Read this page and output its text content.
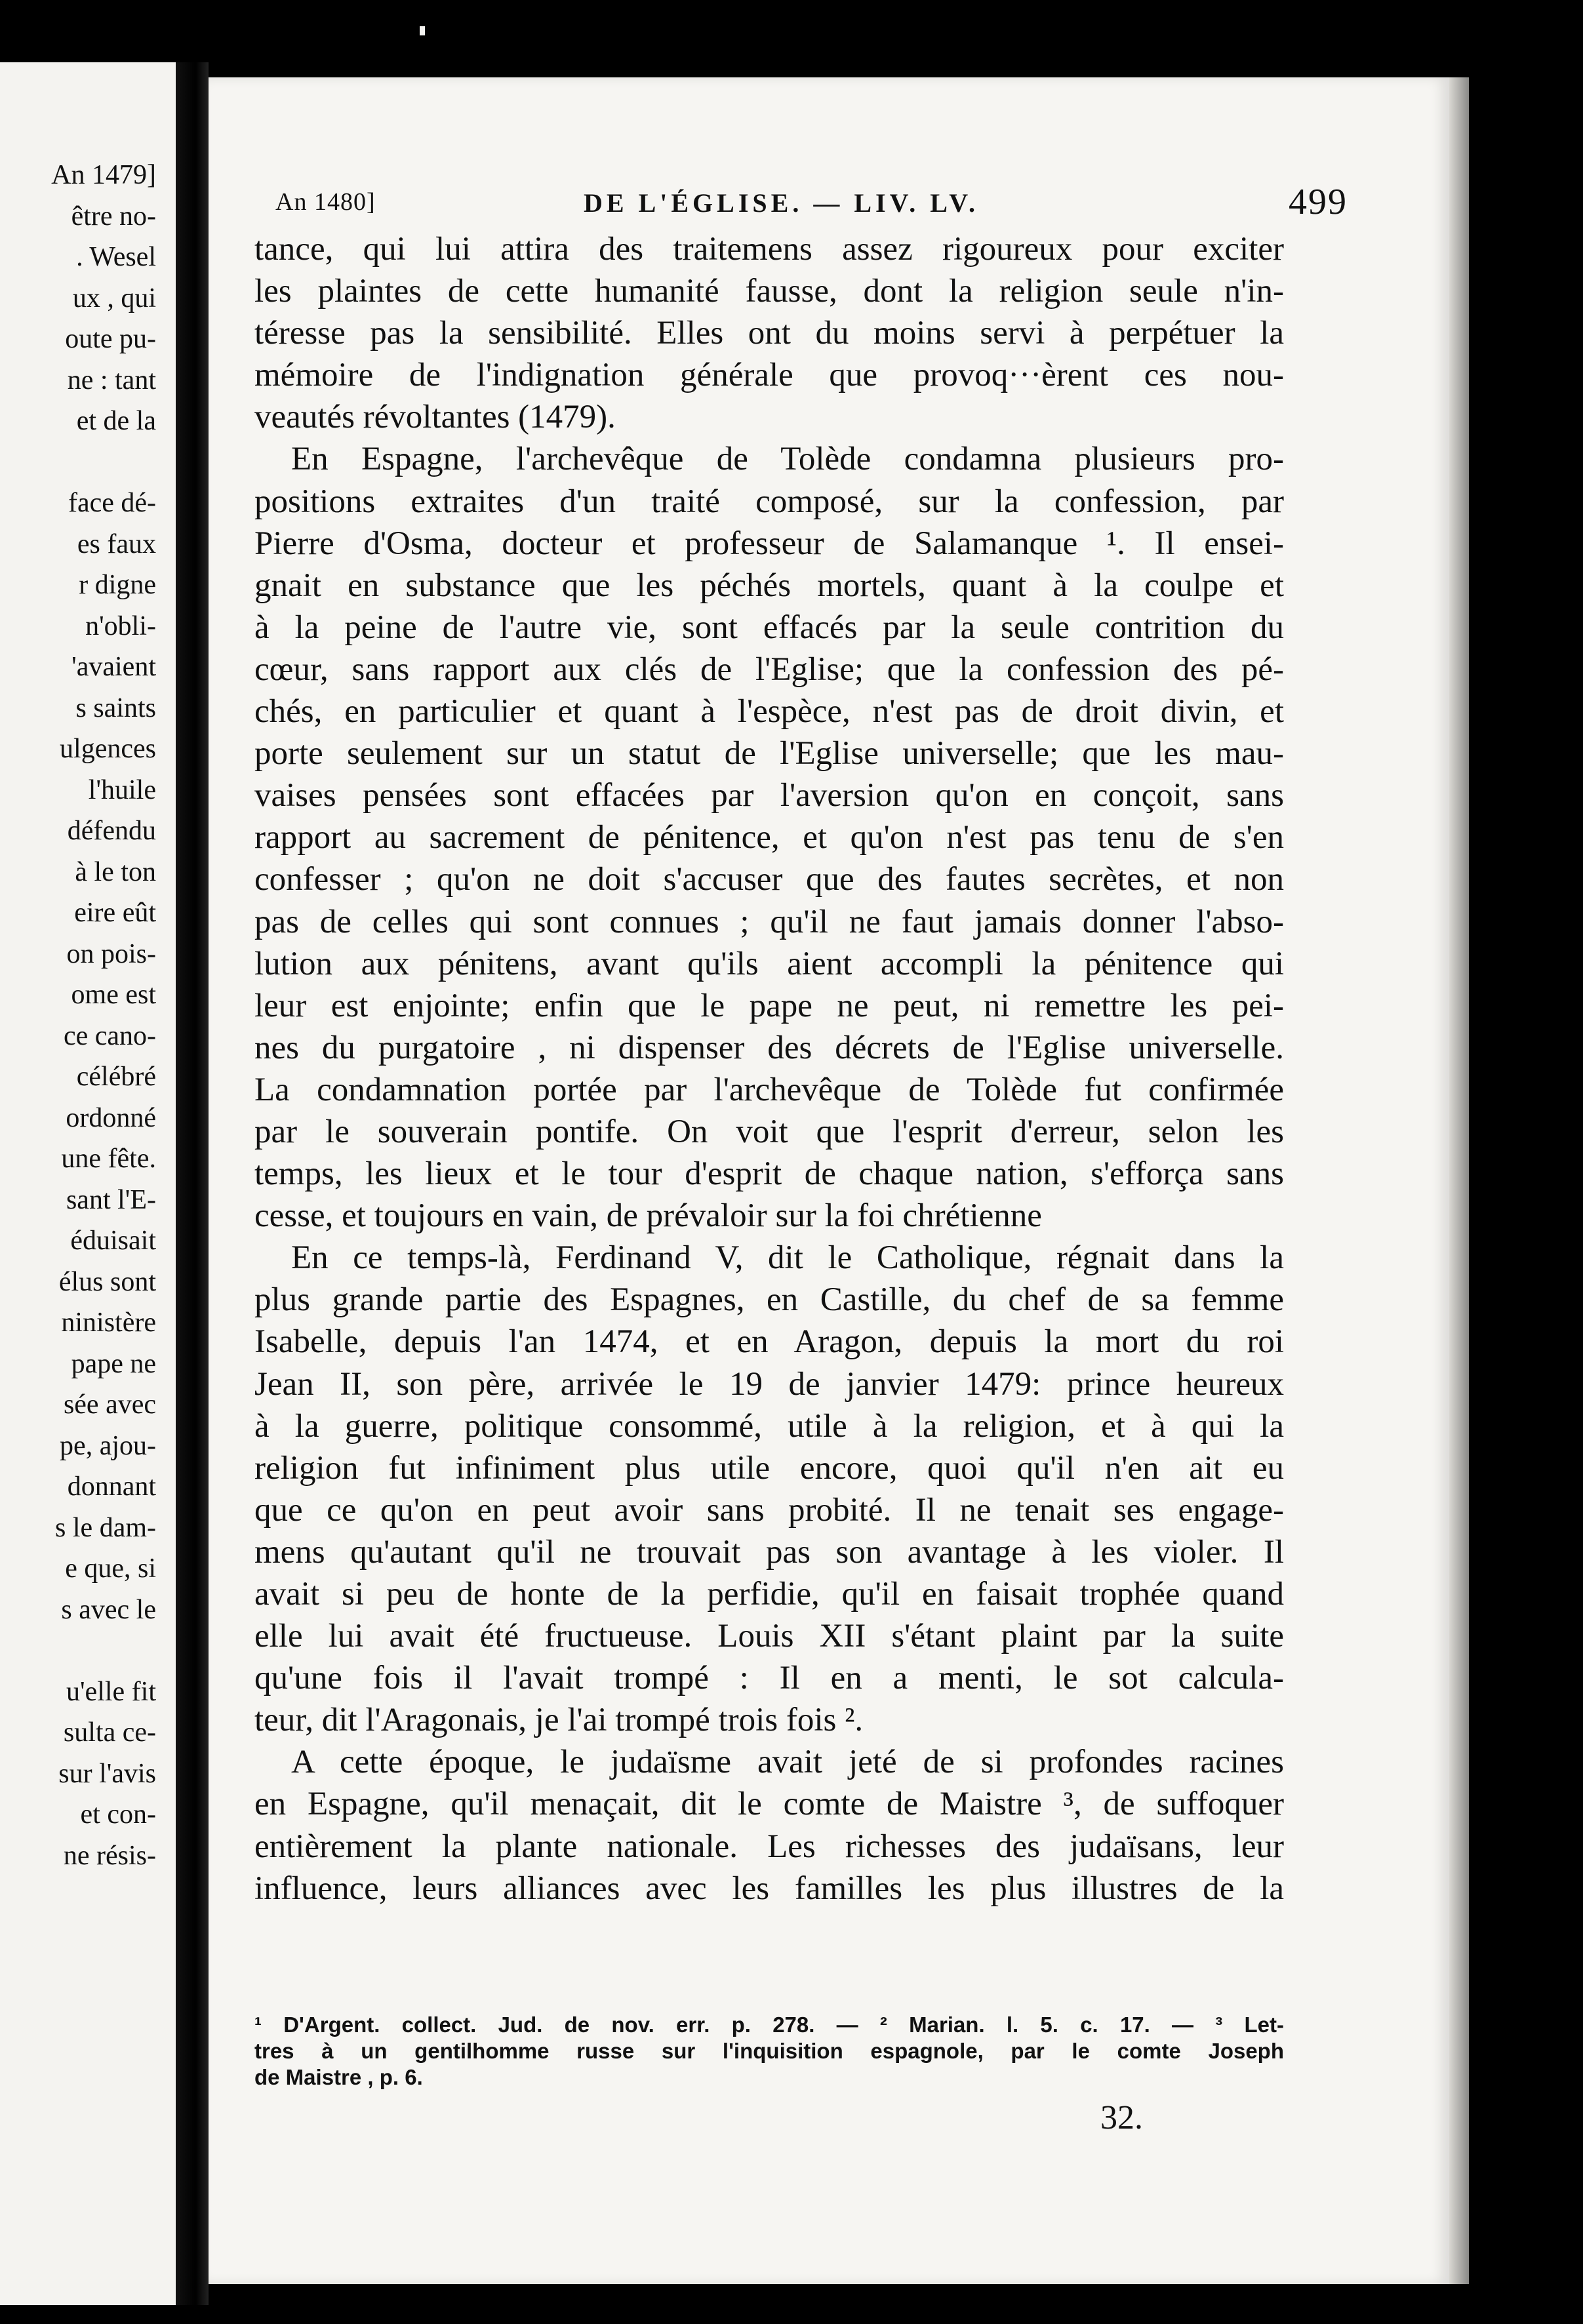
An 1479]
être no-
. Wesel
ux , qui
oute pu-
ne : tant
et de la
face dé-
es faux
r digne
n'obli-
'avaient
s saints
ulgences
l'huile
défendu
à le ton
eire eût
on pois-
ome est
ce cano-
célébré
ordonné
une fête.
sant l'E-
éduisait
élus sont
ninistère
pape ne
sée avec
pe, ajou-
donnant
s le dam-
e que, si
s avec le
u'elle fit
sulta ce-
sur l'avis
et con-
ne résis-
An 1480]	DE L'ÉGLISE. — LIV. LV.	499
tance, qui lui attira des traitemens assez rigoureux pour exciter
les plaintes de cette humanité fausse, dont la religion seule n'in-
téresse pas la sensibilité. Elles ont du moins servi à perpétuer la
mémoire de l'indignation générale que provoq···èrent ces nou-
veautés révoltantes (1479).
En Espagne, l'archevêque de Tolède condamna plusieurs pro-
positions extraites d'un traité composé, sur la confession, par
Pierre d'Osma, docteur et professeur de Salamanque ¹. Il ensei-
gnait en substance que les péchés mortels, quant à la coulpe et
à la peine de l'autre vie, sont effacés par la seule contrition du
cœur, sans rapport aux clés de l'Eglise; que la confession des pé-
chés, en particulier et quant à l'espèce, n'est pas de droit divin, et
porte seulement sur un statut de l'Eglise universelle; que les mau-
vaises pensées sont effacées par l'aversion qu'on en conçoit, sans
rapport au sacrement de pénitence, et qu'on n'est pas tenu de s'en
confesser ; qu'on ne doit s'accuser que des fautes secrètes, et non
pas de celles qui sont connues ; qu'il ne faut jamais donner l'abso-
lution aux pénitens, avant qu'ils aient accompli la pénitence qui
leur est enjointe; enfin que le pape ne peut, ni remettre les pei-
nes du purgatoire , ni dispenser des décrets de l'Eglise universelle.
La condamnation portée par l'archevêque de Tolède fut confirmée
par le souverain pontife. On voit que l'esprit d'erreur, selon les
temps, les lieux et le tour d'esprit de chaque nation, s'efforça sans
cesse, et toujours en vain, de prévaloir sur la foi chrétienne
En ce temps-là, Ferdinand V, dit le Catholique, régnait dans la
plus grande partie des Espagnes, en Castille, du chef de sa femme
Isabelle, depuis l'an 1474, et en Aragon, depuis la mort du roi
Jean II, son père, arrivée le 19 de janvier 1479: prince heureux
à la guerre, politique consommé, utile à la religion, et à qui la
religion fut infiniment plus utile encore, quoi qu'il n'en ait eu
que ce qu'on en peut avoir sans probité. Il ne tenait ses engage-
mens qu'autant qu'il ne trouvait pas son avantage à les violer. Il
avait si peu de honte de la perfidie, qu'il en faisait trophée quand
elle lui avait été fructueuse. Louis XII s'étant plaint par la suite
qu'une fois il l'avait trompé : Il en a menti, le sot calcula-
teur, dit l'Aragonais, je l'ai trompé trois fois ².
A cette époque, le judaïsme avait jeté de si profondes racines
en Espagne, qu'il menaçait, dit le comte de Maistre ³, de suffoquer
entièrement la plante nationale. Les richesses des judaïsans, leur
influence, leurs alliances avec les familles les plus illustres de la
¹ D'Argent. collect. Jud. de nov. err. p. 278. — ² Marian. l. 5. c. 17. — ³ Let-
tres à un gentilhomme russe sur l'inquisition espagnole, par le comte Joseph
de Maistre , p. 6.
32.
